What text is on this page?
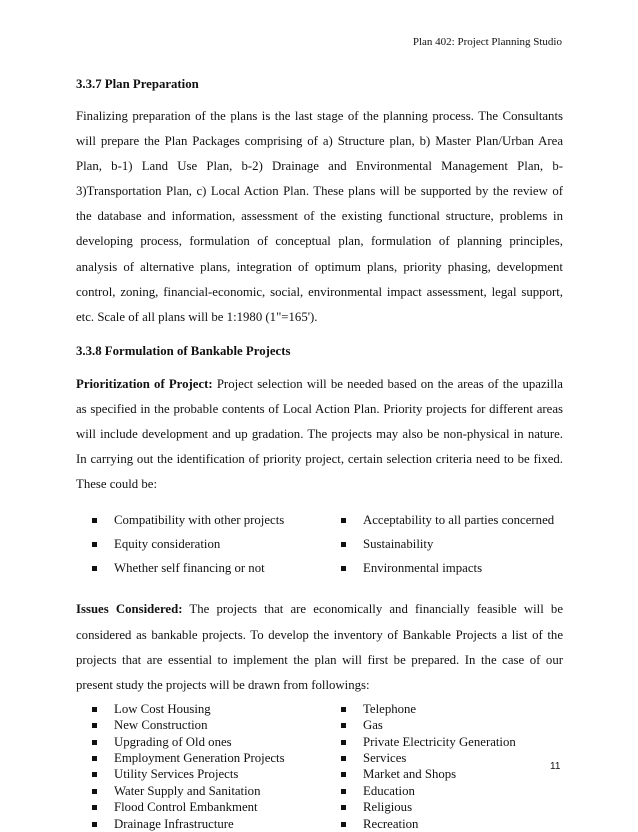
Plan 402: Project Planning Studio
3.3.7 Plan Preparation

Finalizing preparation of the plans is the last stage of the planning process. The Consultants will prepare the Plan Packages comprising of a) Structure plan, b) Master Plan/Urban Area Plan, b-1) Land Use Plan, b-2) Drainage and Environmental Management Plan, b-3)Transportation Plan, c) Local Action Plan. These plans will be supported by the review of the database and information, assessment of the existing functional structure, problems in developing process, formulation of conceptual plan, formulation of planning principles, analysis of alternative plans, integration of optimum plans, priority phasing, development control, zoning, financial-economic, social, environmental impact assessment, legal support, etc. Scale of all plans will be 1:1980 (1"=165').

3.3.8 Formulation of Bankable Projects

Prioritization of Project: Project selection will be needed based on the areas of the upazilla as specified in the probable contents of Local Action Plan. Priority projects for different areas will include development and up gradation. The projects may also be non-physical in nature. In carrying out the identification of priority project, certain selection criteria need to be fixed. These could be:

Compatibility with other projects	Acceptability to all parties concerned
Equity consideration	Sustainability
Whether self financing or not	Environmental impacts

Issues Considered: The projects that are economically and financially feasible will be considered as bankable projects. To develop the inventory of Bankable Projects a list of the projects that are essential to implement the plan will first be prepared. In the case of our present study the projects will be drawn from followings:

Low Cost Housing	Telephone
New Construction	Gas
Upgrading of Old ones	Private Electricity Generation
Employment Generation Projects	Services
Utility Services Projects	Market and Shops
Water Supply and Sanitation	Education
Flood Control Embankment	Religious
Drainage Infrastructure	Recreation
11
